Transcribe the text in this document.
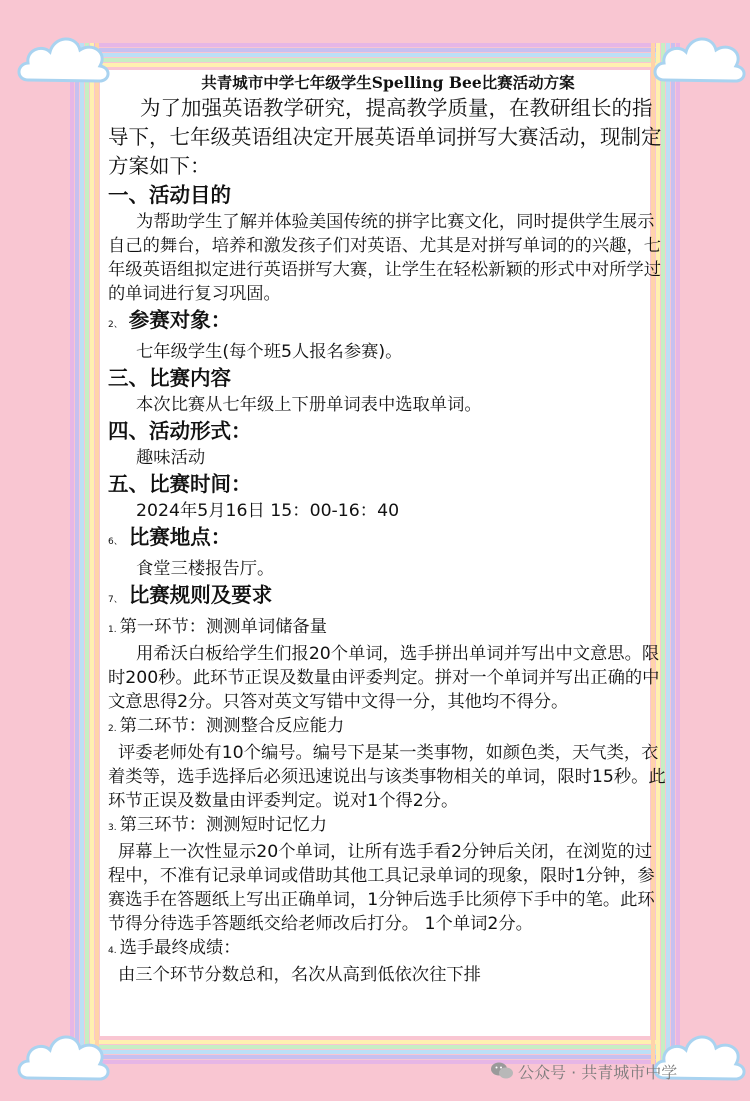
共青城市中学七年级学生Spelling Bee比赛活动方案

为了加强英语教学研究，提高教学质量，在教研组长的指导下，七年级英语组决定开展英语单词拼写大赛活动，现制定方案如下：

一、活动目的

为帮助学生了解并体验美国传统的拼字比赛文化，同时提供学生展示自己的舞台，培养和激发孩子们对英语、尤其是对拼写单词的的兴趣，七年级英语组拟定进行英语拼写大赛，让学生在轻松新颖的形式中对所学过的单词进行复习巩固。

2、 参赛对象：

七年级学生(每个班5人报名参赛)。

三、比赛内容

本次比赛从七年级上下册单词表中选取单词。

四、活动形式：

趣味活动

五、比赛时间：

2024年5月16日 15：00-16：40

6、 比赛地点：

食堂三楼报告厅。

7、 比赛规则及要求

1. 第一环节：测测单词储备量

用希沃白板给学生们报20个单词，选手拼出单词并写出中文意思。限时200秒。此环节正误及数量由评委判定。拼对一个单词并写出正确的中文意思得2分。只答对英文写错中文得一分，其他均不得分。

2. 第二环节：测测整合反应能力

评委老师处有10个编号。编号下是某一类事物，如颜色类，天气类，衣着类等，选手选择后必须迅速说出与该类事物相关的单词，限时15秒。此环节正误及数量由评委判定。说对1个得2分。

3. 第三环节：测测短时记忆力

屏幕上一次性显示20个单词，让所有选手看2分钟后关闭，在浏览的过程中，不准有记录单词或借助其他工具记录单词的现象，限时1分钟，参赛选手在答题纸上写出正确单词，1分钟后选手比须停下手中的笔。此环节得分待选手答题纸交给老师改后打分。 1个单词2分。

4. 选手最终成绩：

由三个环节分数总和，名次从高到低依次往下排

公众号 · 共青城市中学
